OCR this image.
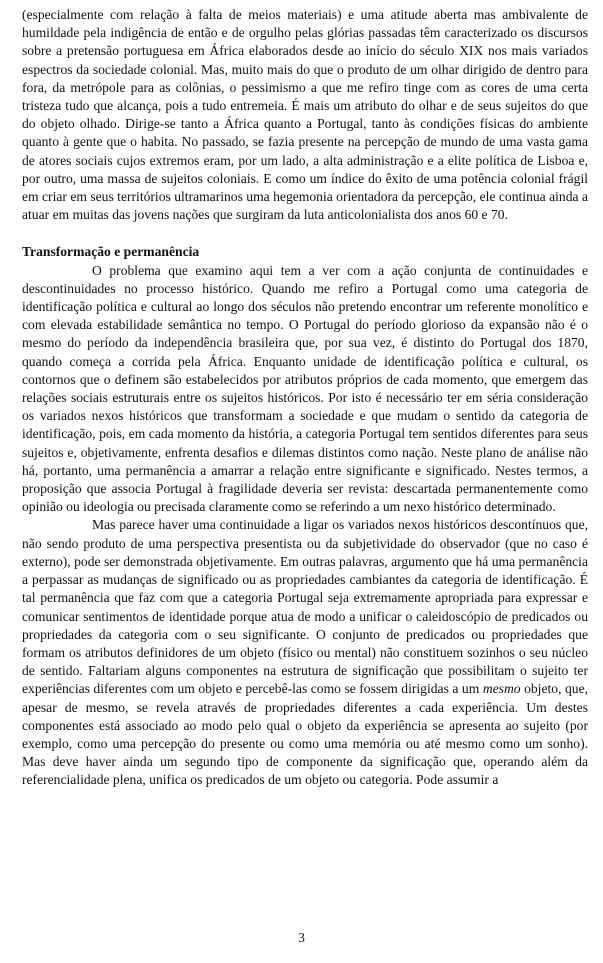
(especialmente com relação à falta de meios materiais) e uma atitude aberta mas ambivalente de humildade pela indigência de então e de orgulho pelas glórias passadas têm caracterizado os discursos sobre a pretensão portuguesa em África elaborados desde ao início do século XIX nos mais variados espectros da sociedade colonial. Mas, muito mais do que o produto de um olhar dirigido de dentro para fora, da metrópole para as colônias, o pessimismo a que me refiro tinge com as cores de uma certa tristeza tudo que alcança, pois a tudo entremeia. É mais um atributo do olhar e de seus sujeitos do que do objeto olhado. Dirige-se tanto a África quanto a Portugal, tanto às condições físicas do ambiente quanto à gente que o habita. No passado, se fazia presente na percepção de mundo de uma vasta gama de atores sociais cujos extremos eram, por um lado, a alta administração e a elite política de Lisboa e, por outro, uma massa de sujeitos coloniais. E como um índice do êxito de uma potência colonial frágil em criar em seus territórios ultramarinos uma hegemonia orientadora da percepção, ele continua ainda a atuar em muitas das jovens nações que surgiram da luta anticolonialista dos anos 60 e 70.

Transformação e permanência

O problema que examino aqui tem a ver com a ação conjunta de continuidades e descontinuidades no processo histórico. Quando me refiro a Portugal como uma categoria de identificação política e cultural ao longo dos séculos não pretendo encontrar um referente monolítico e com elevada estabilidade semântica no tempo. O Portugal do período glorioso da expansão não é o mesmo do período da independência brasileira que, por sua vez, é distinto do Portugal dos 1870, quando começa a corrida pela África. Enquanto unidade de identificação política e cultural, os contornos que o definem são estabelecidos por atributos próprios de cada momento, que emergem das relações sociais estruturais entre os sujeitos históricos. Por isto é necessário ter em séria consideração os variados nexos históricos que transformam a sociedade e que mudam o sentido da categoria de identificação, pois, em cada momento da história, a categoria Portugal tem sentidos diferentes para seus sujeitos e, objetivamente, enfrenta desafios e dilemas distintos como nação. Neste plano de análise não há, portanto, uma permanência a amarrar a relação entre significante e significado. Nestes termos, a proposição que associa Portugal à fragilidade deveria ser revista: descartada permanentemente como opinião ou ideologia ou precisada claramente como se referindo a um nexo histórico determinado.

Mas parece haver uma continuidade a ligar os variados nexos históricos descontínuos que, não sendo produto de uma perspectiva presentista ou da subjetividade do observador (que no caso é externo), pode ser demonstrada objetivamente. Em outras palavras, argumento que há uma permanência a perpassar as mudanças de significado ou as propriedades cambiantes da categoria de identificação. É tal permanência que faz com que a categoria Portugal seja extremamente apropriada para expressar e comunicar sentimentos de identidade porque atua de modo a unificar o caleidoscópio de predicados ou propriedades da categoria com o seu significante. O conjunto de predicados ou propriedades que formam os atributos definidores de um objeto (físico ou mental) não constituem sozinhos o seu núcleo de sentido. Faltariam alguns componentes na estrutura de significação que possibilitam o sujeito ter experiências diferentes com um objeto e percebê-las como se fossem dirigidas a um mesmo objeto, que, apesar de mesmo, se revela através de propriedades diferentes a cada experiência. Um destes componentes está associado ao modo pelo qual o objeto da experiência se apresenta ao sujeito (por exemplo, como uma percepção do presente ou como uma memória ou até mesmo como um sonho). Mas deve haver ainda um segundo tipo de componente da significação que, operando além da referencialidade plena, unifica os predicados de um objeto ou categoria. Pode assumir a

3
